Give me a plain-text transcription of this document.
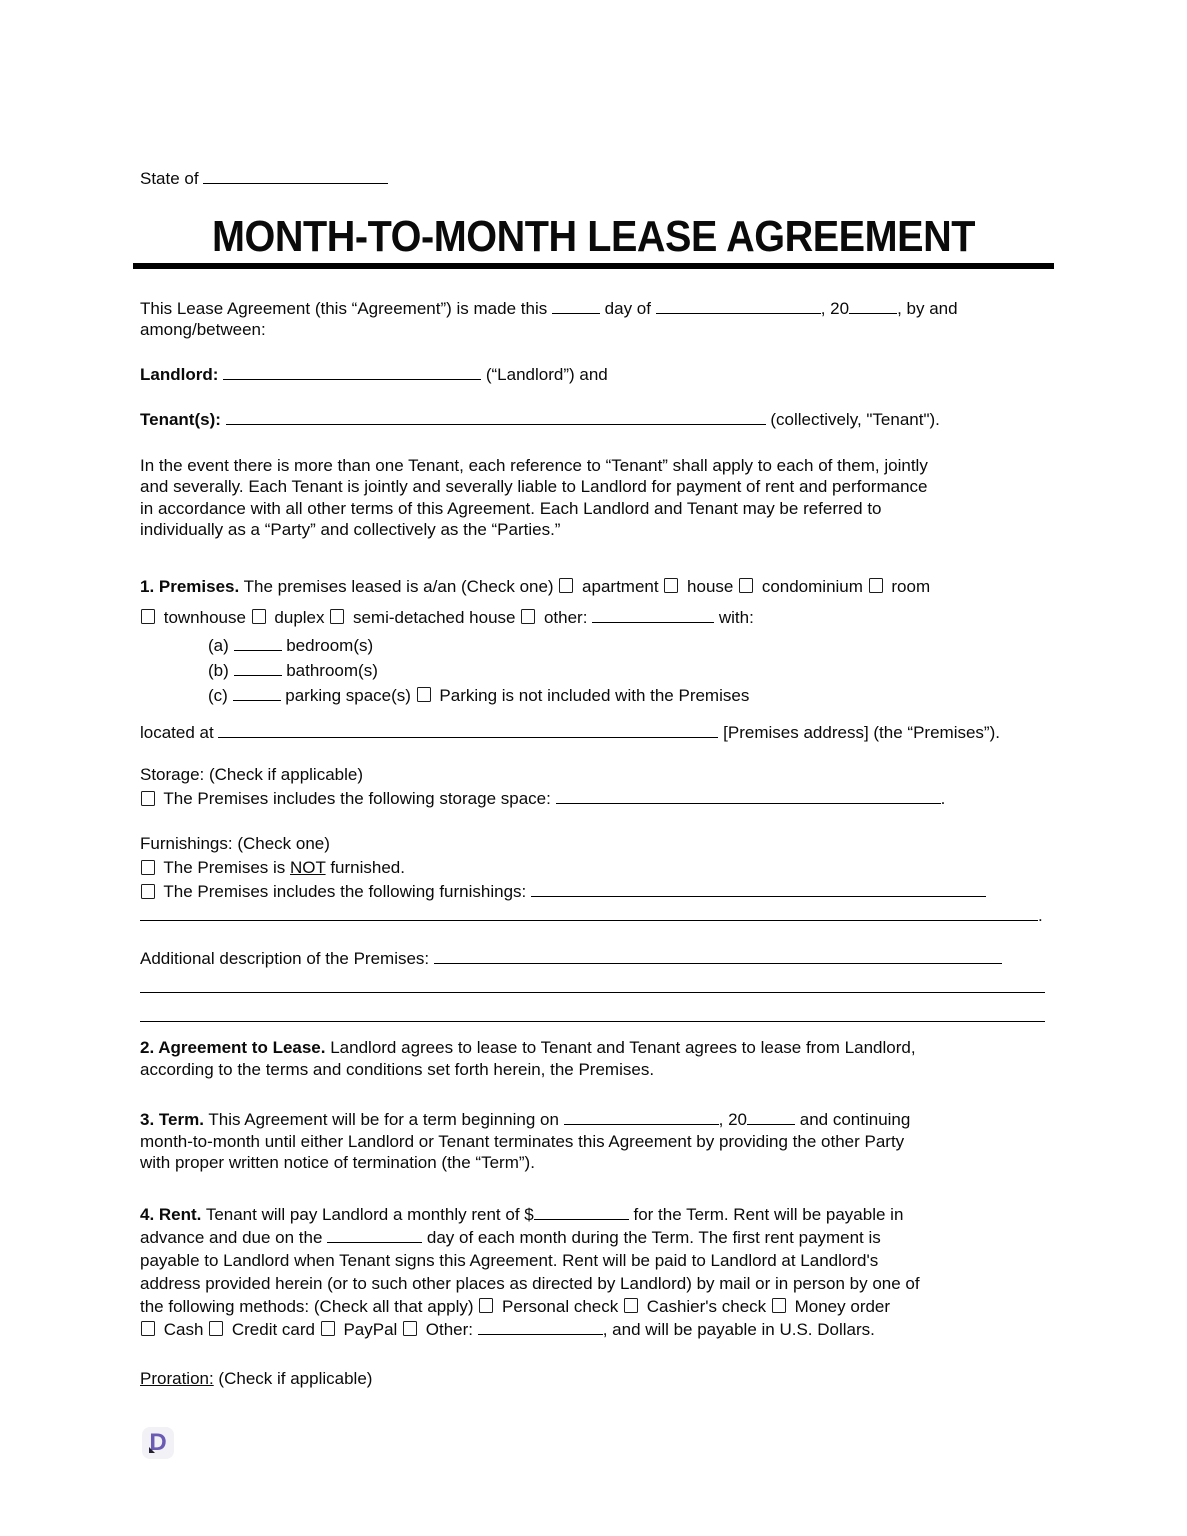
State of
MONTH-TO-MONTH LEASE AGREEMENT
This Lease Agreement (this “Agreement”) is made this	day of	, 20	, by and
among/between:
Landlord:	(“Landlord”) and
Tenant(s):	(collectively, "Tenant").
In the event there is more than one Tenant, each reference to “Tenant” shall apply to each of them, jointly
and severally. Each Tenant is jointly and severally liable to Landlord for payment of rent and performance
in accordance with all other terms of this Agreement. Each Landlord and Tenant may be referred to
individually as a “Party” and collectively as the “Parties.”
1. Premises. The premises leased is a/an (Check one)  apartment  house  condominium  room
townhouse  duplex  semi-detached house  other:	with:
(a)	bedroom(s)
(b)	bathroom(s)
(c)	parking space(s)  Parking is not included with the Premises
located at	[Premises address] (the “Premises”).
Storage: (Check if applicable)
The Premises includes the following storage space:	.
Furnishings: (Check one)
The Premises is NOT furnished.
The Premises includes the following furnishings:
.
Additional description of the Premises:
2. Agreement to Lease. Landlord agrees to lease to Tenant and Tenant agrees to lease from Landlord,
according to the terms and conditions set forth herein, the Premises.
3. Term. This Agreement will be for a term beginning on	, 20	and continuing
month-to-month until either Landlord or Tenant terminates this Agreement by providing the other Party
with proper written notice of termination (the “Term”).
4. Rent. Tenant will pay Landlord a monthly rent of $	for the Term. Rent will be payable in
advance and due on the	day of each month during the Term. The first rent payment is
payable to Landlord when Tenant signs this Agreement. Rent will be paid to Landlord at Landlord's
address provided herein (or to such other places as directed by Landlord) by mail or in person by one of
the following methods: (Check all that apply)  Personal check  Cashier's check  Money order
Cash  Credit card  PayPal  Other:	, and will be payable in U.S. Dollars.
Proration: (Check if applicable)
D
